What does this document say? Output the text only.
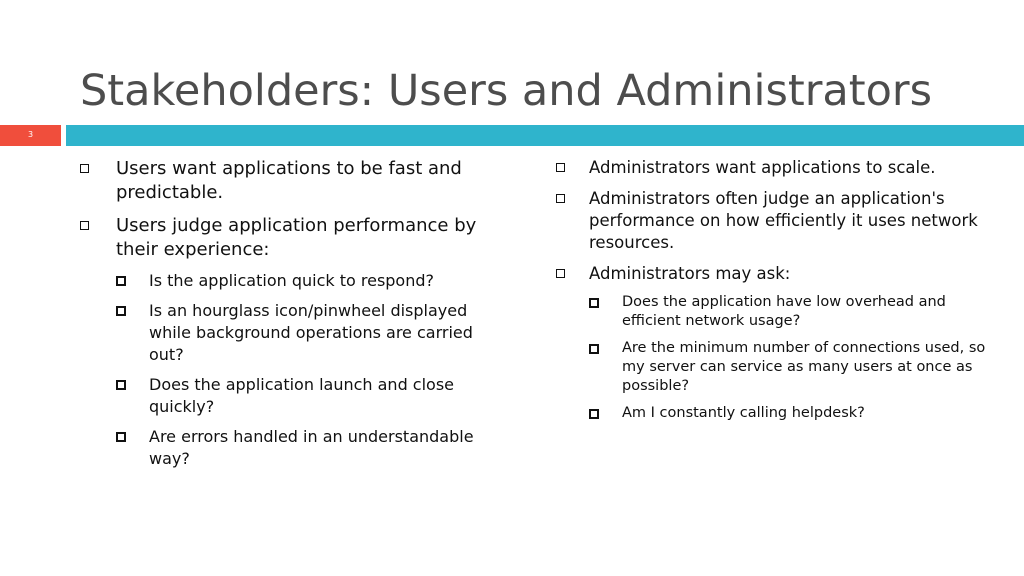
Stakeholders: Users and Administrators
3
Users want applications to be fast and predictable.
Users judge application performance by their experience:
Is the application quick to respond?
Is an hourglass icon/pinwheel displayed while background operations are carried out?
Does the application launch and close quickly?
Are errors handled in an understandable way?
Administrators want applications to scale.
Administrators often judge an application's performance on how efficiently it uses network resources.
Administrators may ask:
Does the application have low overhead and efficient network usage?
Are the minimum number of connections used, so my server can service as many users at once as possible?
Am I constantly calling helpdesk?
